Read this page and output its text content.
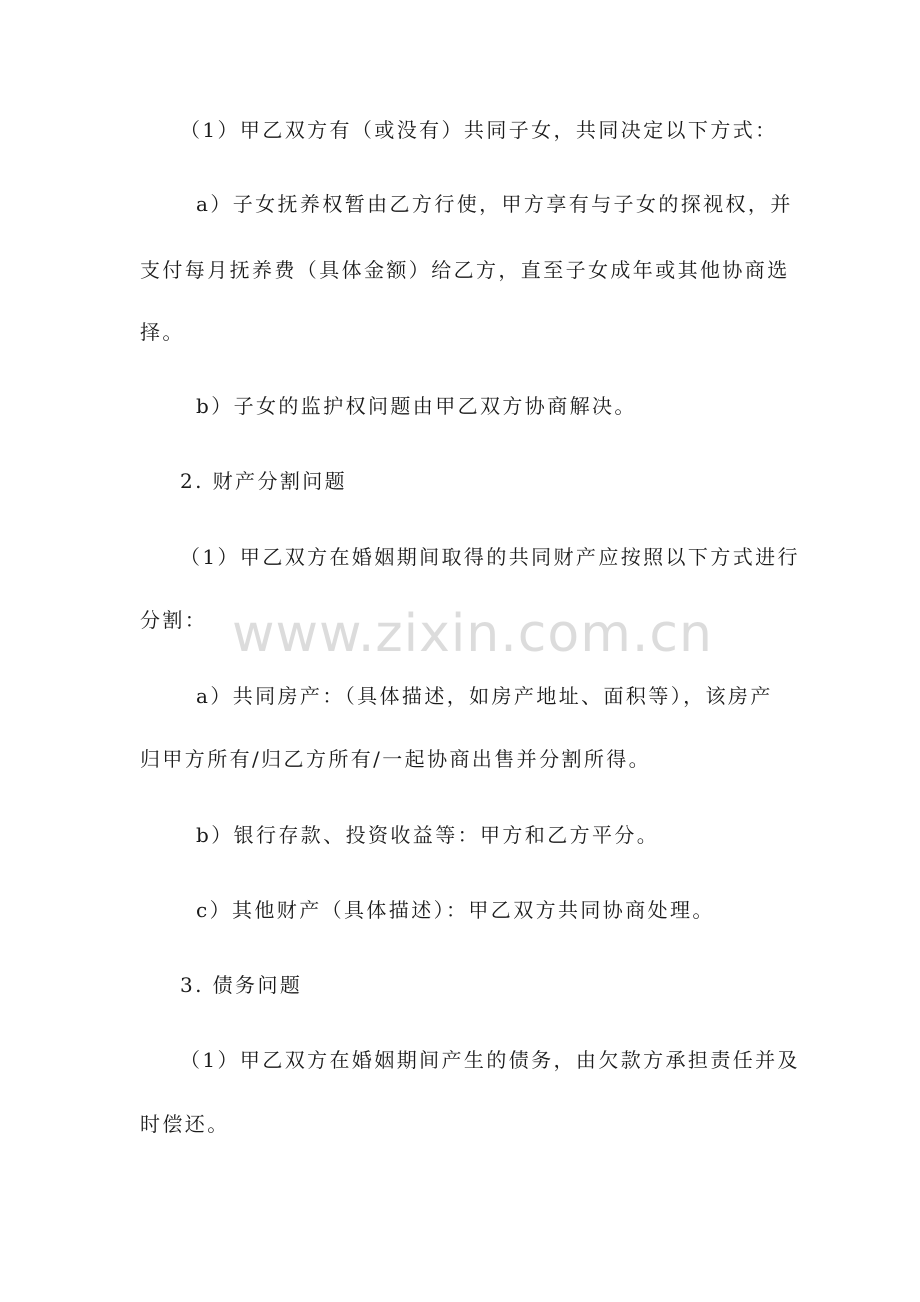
（1）甲乙双方有（或没有）共同子女，共同决定以下方式：
a）子女抚养权暂由乙方行使，甲方享有与子女的探视权，并
支付每月抚养费（具体金额）给乙方，直至子女成年或其他协商选
择。
b）子女的监护权问题由甲乙双方协商解决。
2. 财产分割问题
（1）甲乙双方在婚姻期间取得的共同财产应按照以下方式进行
分割：
a）共同房产：（具体描述，如房产地址、面积等），该房产
归甲方所有/归乙方所有/一起协商出售并分割所得。
b）银行存款、投资收益等：甲方和乙方平分。
c）其他财产（具体描述）：甲乙双方共同协商处理。
3. 债务问题
（1）甲乙双方在婚姻期间产生的债务，由欠款方承担责任并及
时偿还。
www.zixin.com.cn
